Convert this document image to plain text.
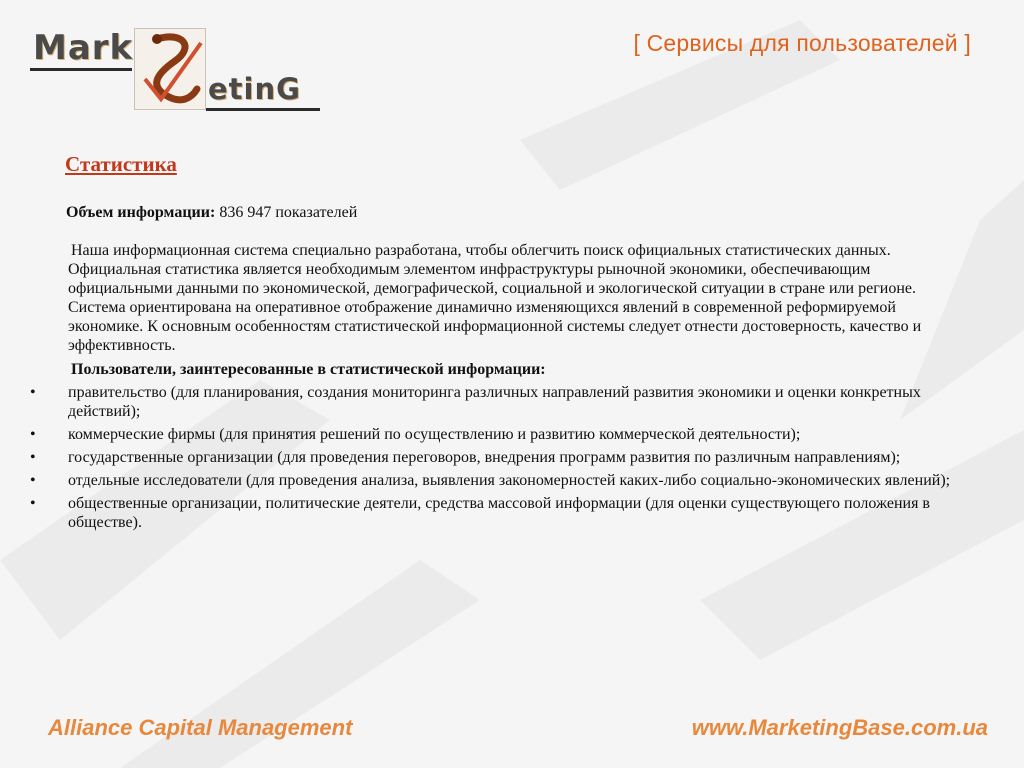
Mark
etinG
[ Сервисы для пользователей ]
Статистика
Объем информации: 836 947 показателей

Наша информационная система специально разработана, чтобы облегчить поиск официальных статистических данных. Официальная статистика является необходимым элементом инфраструктуры рыночной экономики, обеспечивающим официальными данными по экономической, демографической, социальной и экологической ситуации в стране или регионе. Система ориентирована на оперативное отображение динамично изменяющихся явлений в современной реформируемой экономике. К основным особенностям статистической информационной системы следует отнести достоверность, качество и эффективность.

Пользователи, заинтересованные в статистической информации:

• правительство (для планирования, создания мониторинга различных направлений развития экономики и оценки конкретных действий);
• коммерческие фирмы (для принятия решений по осуществлению и развитию коммерческой деятельности);
• государственные организации (для проведения переговоров, внедрения программ развития по различным направлениям);
• отдельные исследователи (для проведения анализа, выявления закономерностей каких-либо социально-экономических явлений);
• общественные организации, политические деятели, средства массовой информации (для оценки существующего положения в обществе).
Alliance Capital Management	www.MarketingBase.com.ua
